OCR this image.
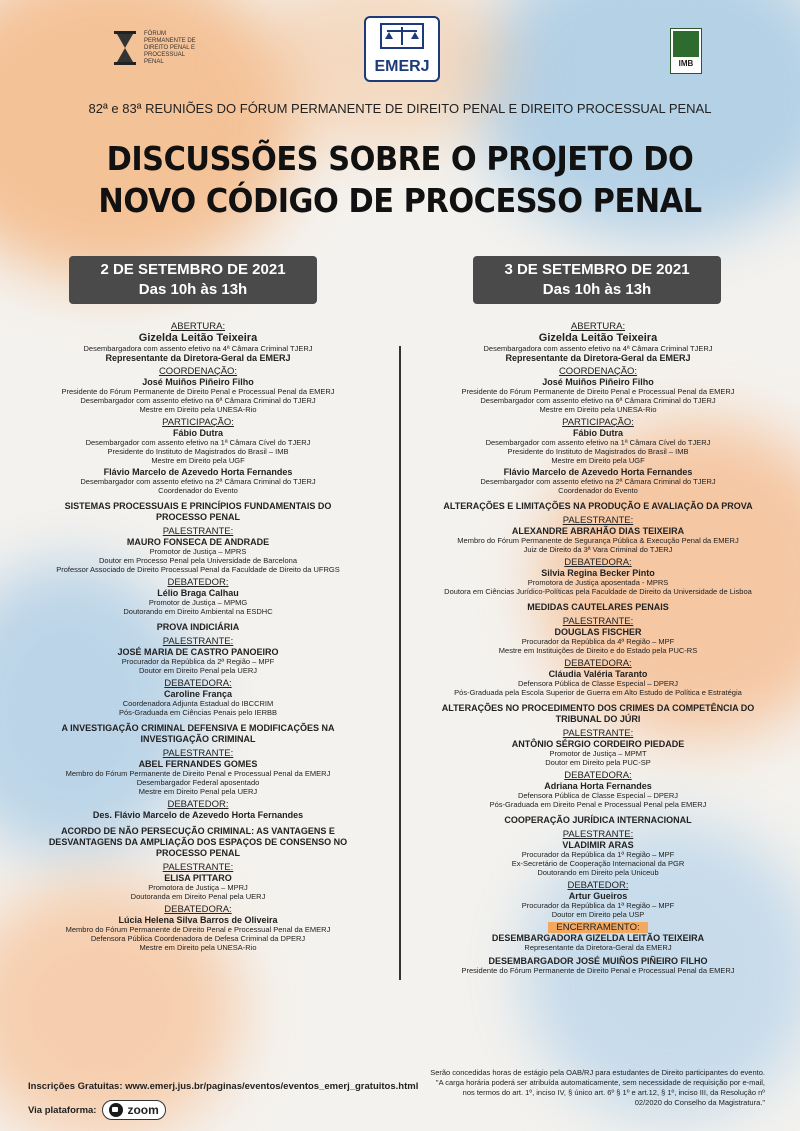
FÓRUM PERMANENTE DE DIREITO PENAL E PROCESSUAL PENAL	EMERJ	IMB
82ª e 83ª REUNIÕES DO FÓRUM PERMANENTE DE DIREITO PENAL E DIREITO PROCESSUAL PENAL
DISCUSSÕES SOBRE O PROJETO DO
NOVO CÓDIGO DE PROCESSO PENAL
2 DE SETEMBRO DE 2021
Das 10h às 13h
3 DE SETEMBRO DE 2021
Das 10h às 13h
ABERTURA:
Gizelda Leitão Teixeira
Desembargadora com assento efetivo na 4ª Câmara Criminal TJERJ
Representante da Diretora-Geral da EMERJ
COORDENAÇÃO:
José Muiños Piñeiro Filho
Presidente do Fórum Permanente de Direito Penal e Processual Penal da EMERJ
Desembargador com assento efetivo na 6ª Câmara Criminal do TJERJ
Mestre em Direito pela UNESA-Rio
PARTICIPAÇÃO:
Fábio Dutra
Desembargador com assento efetivo na 1ª Câmara Cível do TJERJ
Presidente do Instituto de Magistrados do Brasil – IMB
Mestre em Direito pela UGF
Flávio Marcelo de Azevedo Horta Fernandes
Desembargador com assento efetivo na 2ª Câmara Criminal do TJERJ
Coordenador do Evento
SISTEMAS PROCESSUAIS E PRINCÍPIOS FUNDAMENTAIS DO PROCESSO PENAL
PALESTRANTE:
MAURO FONSECA DE ANDRADE
Promotor de Justiça – MPRS
Doutor em Processo Penal pela Universidade de Barcelona
Professor Associado de Direito Processual Penal da Faculdade de Direito da UFRGS
DEBATEDOR:
Lélio Braga Calhau
Promotor de Justiça – MPMG
Doutorando em Direito Ambiental na ESDHC
PROVA INDICIÁRIA
PALESTRANTE:
JOSÉ MARIA DE CASTRO PANOEIRO
Procurador da República da 2ª Região – MPF
Doutor em Direito Penal pela UERJ
DEBATEDORA:
Caroline França
Coordenadora Adjunta Estadual do IBCCRIM
Pós-Graduada em Ciências Penais pelo IERBB
A INVESTIGAÇÃO CRIMINAL DEFENSIVA E MODIFICAÇÕES NA INVESTIGAÇÃO CRIMINAL
PALESTRANTE:
ABEL FERNANDES GOMES
Membro do Fórum Permanente de Direito Penal e Processual Penal da EMERJ
Desembargador Federal aposentado
Mestre em Direito Penal pela UERJ
DEBATEDOR:
Des. Flávio Marcelo de Azevedo Horta Fernandes
ACORDO DE NÃO PERSECUÇÃO CRIMINAL: AS VANTAGENS E DESVANTAGENS DA AMPLIAÇÃO DOS ESPAÇOS DE CONSENSO NO PROCESSO PENAL
PALESTRANTE:
ELISA PITTARO
Promotora de Justiça – MPRJ
Doutoranda em Direito Penal pela UERJ
DEBATEDORA:
Lúcia Helena Silva Barros de Oliveira
Membro do Fórum Permanente de Direito Penal e Processual Penal da EMERJ
Defensora Pública Coordenadora de Defesa Criminal da DPERJ
Mestre em Direito pela UNESA-Rio
ABERTURA:
Gizelda Leitão Teixeira
Desembargadora com assento efetivo na 4ª Câmara Criminal TJERJ
Representante da Diretora-Geral da EMERJ
COORDENAÇÃO:
José Muiños Piñeiro Filho
Presidente do Fórum Permanente de Direito Penal e Processual Penal da EMERJ
Desembargador com assento efetivo na 6ª Câmara Criminal do TJERJ
Mestre em Direito pela UNESA-Rio
PARTICIPAÇÃO:
Fábio Dutra
Desembargador com assento efetivo na 1ª Câmara Cível do TJERJ
Presidente do Instituto de Magistrados do Brasil – IMB
Mestre em Direito pela UGF
Flávio Marcelo de Azevedo Horta Fernandes
Desembargador com assento efetivo na 2ª Câmara Criminal do TJERJ
Coordenador do Evento
ALTERAÇÕES E LIMITAÇÕES NA PRODUÇÃO E AVALIAÇÃO DA PROVA
PALESTRANTE:
ALEXANDRE ABRAHÃO DIAS TEIXEIRA
Membro do Fórum Permanente de Segurança Pública & Execução Penal da EMERJ
Juiz de Direito da 3ª Vara Criminal do TJERJ
DEBATEDORA:
Silvia Regina Becker Pinto
Promotora de Justiça aposentada - MPRS
Doutora em Ciências Jurídico-Políticas pela Faculdade de Direito da Universidade de Lisboa
MEDIDAS CAUTELARES PENAIS
PALESTRANTE:
DOUGLAS FISCHER
Procurador da República da 4ª Região – MPF
Mestre em Instituições de Direito e do Estado pela PUC-RS
DEBATEDORA:
Cláudia Valéria Taranto
Defensora Pública de Classe Especial – DPERJ
Pós-Graduada pela Escola Superior de Guerra em Alto Estudo de Política e Estratégia
ALTERAÇÕES NO PROCEDIMENTO DOS CRIMES DA COMPETÊNCIA DO TRIBUNAL DO JÚRI
PALESTRANTE:
ANTÔNIO SÉRGIO CORDEIRO PIEDADE
Promotor de Justiça – MPMT
Doutor em Direito pela PUC-SP
DEBATEDORA:
Adriana Horta Fernandes
Defensora Pública de Classe Especial – DPERJ
Pós-Graduada em Direito Penal e Processual Penal pela EMERJ
COOPERAÇÃO JURÍDICA INTERNACIONAL
PALESTRANTE:
VLADIMIR ARAS
Procurador da República da 1ª Região – MPF
Ex-Secretário de Cooperação Internacional da PGR
Doutorando em Direito pela Uniceub
DEBATEDOR:
Artur Gueiros
Procurador da República da 1ª Região – MPF
Doutor em Direito pela USP
ENCERRAMENTO:
DESEMBARGADORA GIZELDA LEITÃO TEIXEIRA
Representante da Diretora-Geral da EMERJ
DESEMBARGADOR JOSÉ MUIÑOS PIÑEIRO FILHO
Presidente do Fórum Permanente de Direito Penal e Processual Penal da EMERJ
Inscrições Gratuitas: www.emerj.jus.br/paginas/eventos/eventos_emerj_gratuitos.html
Via plataforma:	zoom
Serão concedidas horas de estágio pela OAB/RJ para estudantes de Direito participantes do evento.
"A carga horária poderá ser atribuída automaticamente, sem necessidade de requisição por e-mail,
nos termos do art. 1º, inciso IV, § único art. 6º § 1º e art.12, § 1º, inciso III, da Resolução nº
02/2020 do Conselho da Magistratura."
